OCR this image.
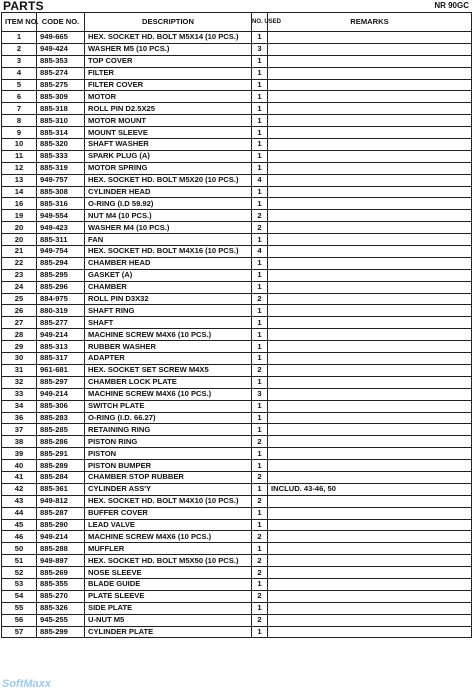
PARTS	NR 90GC
ITEM NO.	CODE NO.	DESCRIPTION	NO. USED	REMARKS
1	949-665	HEX. SOCKET HD. BOLT M5X14 (10 PCS.)	1	
2	949-424	WASHER M5 (10 PCS.)	3	
3	885-353	TOP COVER	1	
4	885-274	FILTER	1	
5	885-275	FILTER COVER	1	
6	885-309	MOTOR	1	
7	885-318	ROLL PIN D2.5X25	1	
8	885-310	MOTOR MOUNT	1	
9	885-314	MOUNT SLEEVE	1	
10	885-320	SHAFT WASHER	1	
11	885-333	SPARK PLUG (A)	1	
12	885-319	MOTOR SPRING	1	
13	949-757	HEX. SOCKET HD. BOLT M5X20 (10 PCS.)	4	
14	885-308	CYLINDER HEAD	1	
16	885-316	O-RING (I.D 59.92)	1	
19	949-554	NUT M4 (10 PCS.)	2	
20	949-423	WASHER M4 (10 PCS.)	2	
20	885-311	FAN	1	
21	949-754	HEX. SOCKET HD. BOLT M4X16 (10 PCS.)	4	
22	885-294	CHAMBER HEAD	1	
23	885-295	GASKET (A)	1	
24	885-296	CHAMBER	1	
25	884-975	ROLL PIN D3X32	2	
26	880-319	SHAFT RING	1	
27	885-277	SHAFT	1	
28	949-214	MACHINE SCREW M4X6 (10 PCS.)	1	
29	885-313	RUBBER WASHER	1	
30	885-317	ADAPTER	1	
31	961-681	HEX. SOCKET SET SCREW M4X5	2	
32	885-297	CHAMBER LOCK PLATE	1	
33	949-214	MACHINE SCREW M4X6 (10 PCS.)	3	
34	885-306	SWITCH PLATE	1	
36	885-283	O-RING (I.D. 66.27)	1	
37	885-285	RETAINING RING	1	
38	885-286	PISTON RING	2	
39	885-291	PISTON	1	
40	885-289	PISTON BUMPER	1	
41	885-284	CHAMBER STOP RUBBER	2	
42	885-361	CYLINDER ASS'Y	1	INCLUD. 43-46, 50
43	949-812	HEX. SOCKET HD. BOLT M4X10 (10 PCS.)	2	
44	885-287	BUFFER COVER	1	
45	885-290	LEAD VALVE	1	
46	949-214	MACHINE SCREW M4X6 (10 PCS.)	2	
50	885-288	MUFFLER	1	
51	949-897	HEX. SOCKET HD. BOLT M5X50 (10 PCS.)	2	
52	885-269	NOSE SLEEVE	2	
53	885-355	BLADE GUIDE	1	
54	885-270	PLATE SLEEVE	2	
55	885-326	SIDE PLATE	1	
56	945-255	U-NUT M5	2	
57	885-299	CYLINDER PLATE	1	
SoftMaxx
